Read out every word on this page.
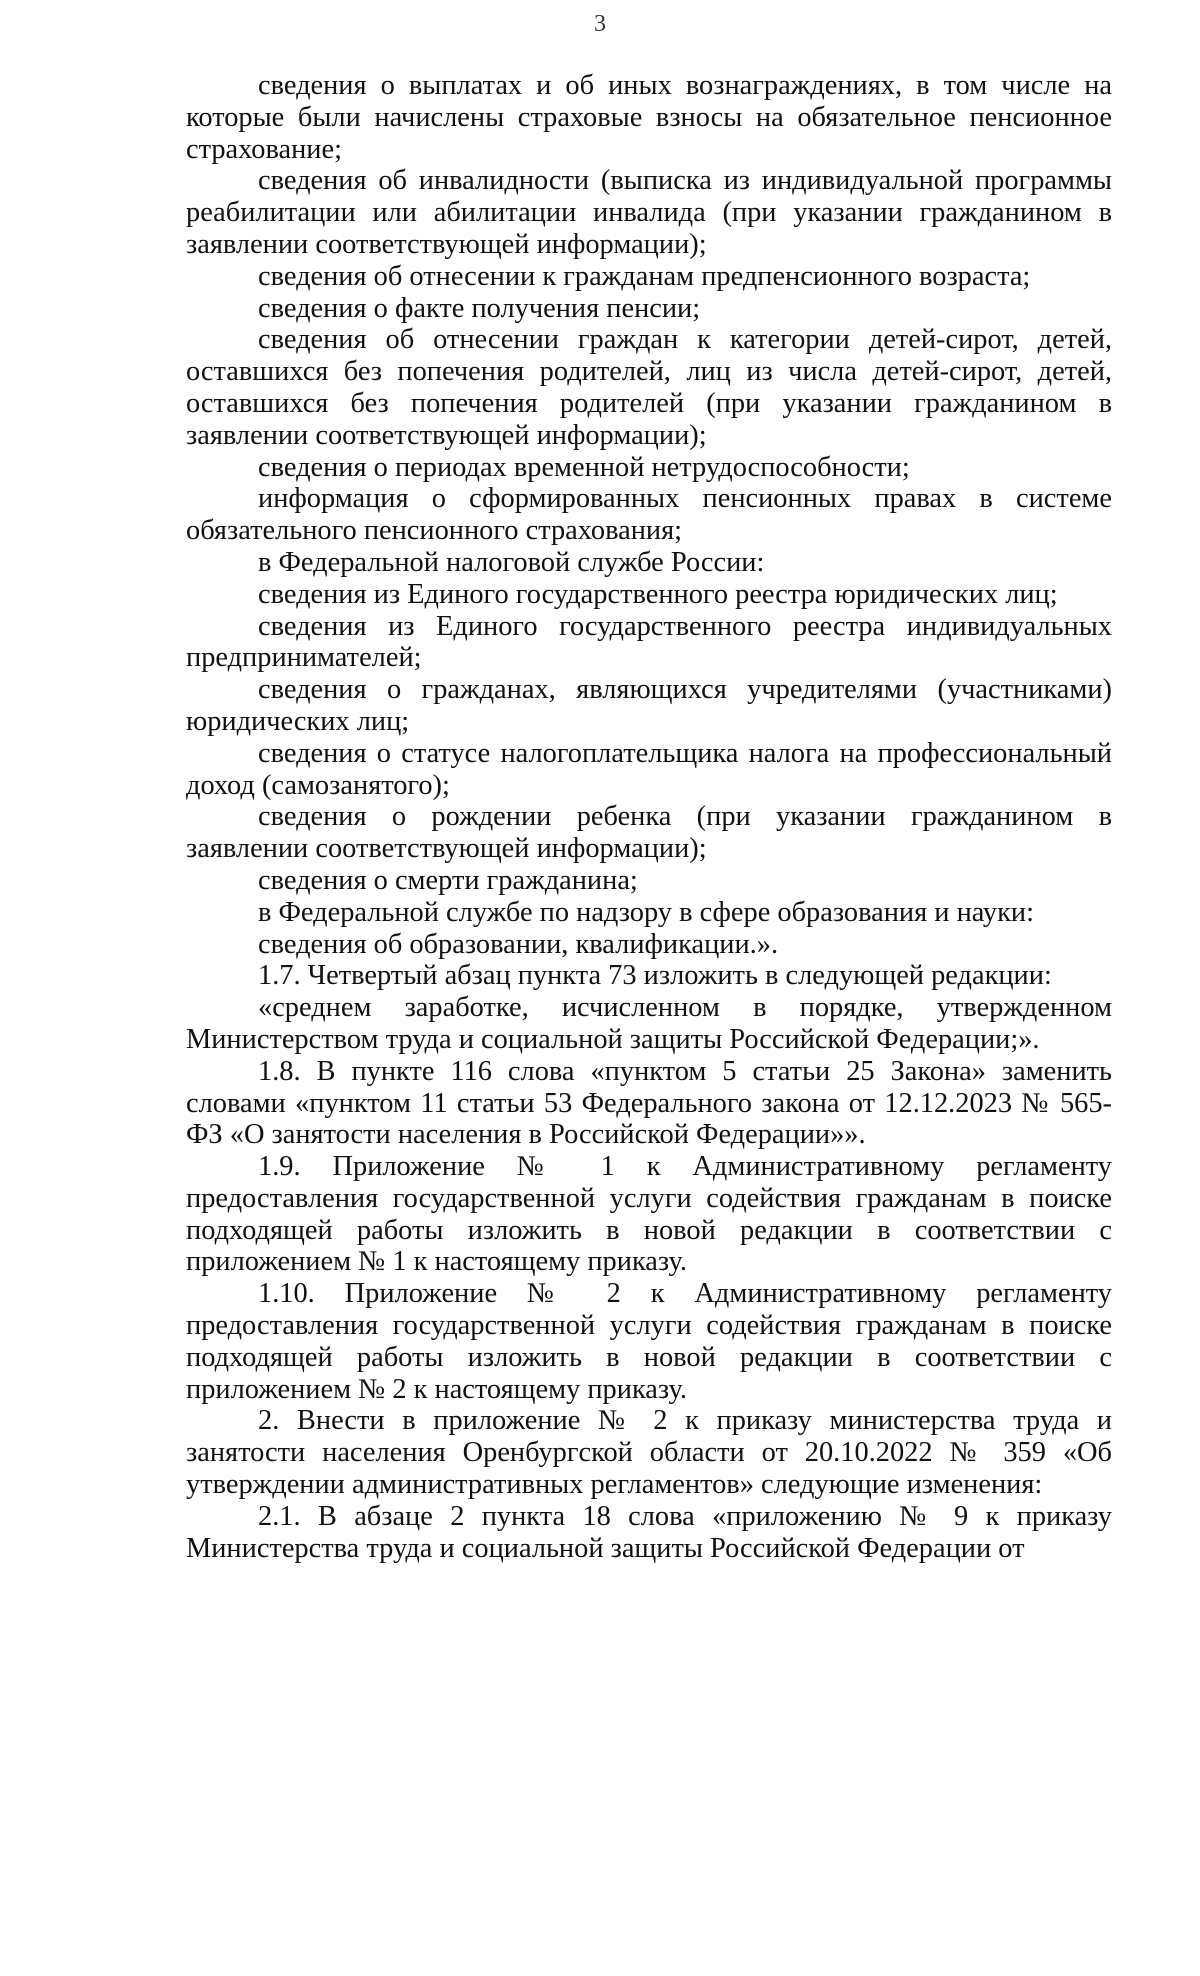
3

сведения о выплатах и об иных вознаграждениях, в том числе на которые были начислены страховые взносы на обязательное пенсионное страхование;

сведения об инвалидности (выписка из индивидуальной программы реабилитации или абилитации инвалида (при указании гражданином в заявлении соответствующей информации);

сведения об отнесении к гражданам предпенсионного возраста;

сведения о факте получения пенсии;

сведения об отнесении граждан к категории детей-сирот, детей, оставшихся без попечения родителей, лиц из числа детей-сирот, детей, оставшихся без попечения родителей (при указании гражданином в заявлении соответствующей информации);

сведения о периодах временной нетрудоспособности;

информация о сформированных пенсионных правах в системе обязательного пенсионного страхования;

в Федеральной налоговой службе России:

сведения из Единого государственного реестра юридических лиц;

сведения из Единого государственного реестра индивидуальных предпринимателей;

сведения о гражданах, являющихся учредителями (участниками) юридических лиц;

сведения о статусе налогоплательщика налога на профессиональный доход (самозанятого);

сведения о рождении ребенка (при указании гражданином в заявлении соответствующей информации);

сведения о смерти гражданина;

в Федеральной службе по надзору в сфере образования и науки:

сведения об образовании, квалификации.».

1.7. Четвертый абзац пункта 73 изложить в следующей редакции:

«среднем заработке, исчисленном в порядке, утвержденном Министерством труда и социальной защиты Российской Федерации;».

1.8. В пункте 116 слова «пунктом 5 статьи 25 Закона» заменить словами «пунктом 11 статьи 53 Федерального закона от 12.12.2023 № 565-ФЗ «О занятости населения в Российской Федерации»».

1.9. Приложение № 1 к Административному регламенту предоставления государственной услуги содействия гражданам в поиске подходящей работы изложить в новой редакции в соответствии с приложением № 1 к настоящему приказу.

1.10. Приложение № 2 к Административному регламенту предоставления государственной услуги содействия гражданам в поиске подходящей работы изложить в новой редакции в соответствии с приложением № 2 к настоящему приказу.

2. Внести в приложение № 2 к приказу министерства труда и занятости населения Оренбургской области от 20.10.2022 № 359 «Об утверждении административных регламентов» следующие изменения:

2.1. В абзаце 2 пункта 18 слова «приложению № 9 к приказу Министерства труда и социальной защиты Российской Федерации от
